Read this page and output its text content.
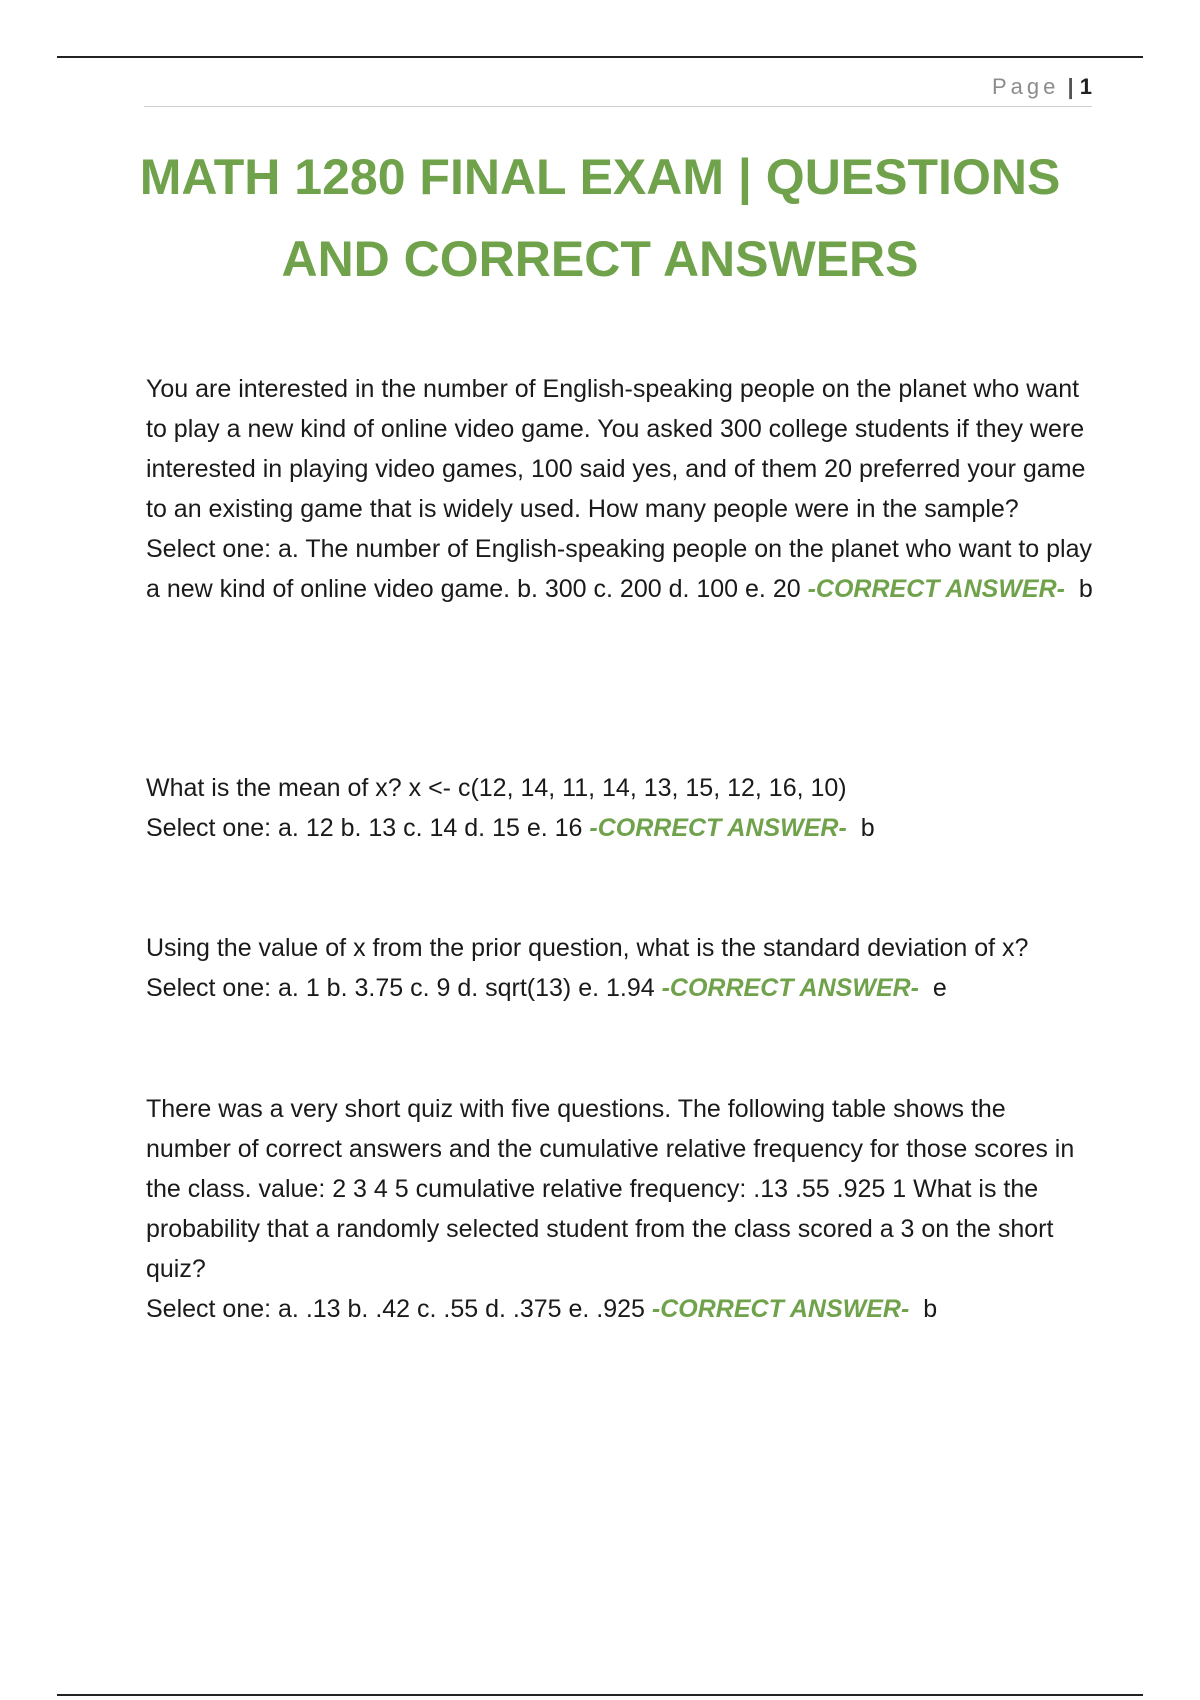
Page | 1
MATH 1280 FINAL EXAM | QUESTIONS
AND CORRECT ANSWERS

You are interested in the number of English-speaking people on the planet who want to play a new kind of online video game. You asked 300 college students if they were interested in playing video games, 100 said yes, and of them 20 preferred your game to an existing game that is widely used. How many people were in the sample?

Select one: a. The number of English-speaking people on the planet who want to play a new kind of online video game. b. 300 c. 200 d. 100 e. 20 -CORRECT ANSWER- b

What is the mean of x? x <- c(12, 14, 11, 14, 13, 15, 12, 16, 10)

Select one: a. 12 b. 13 c. 14 d. 15 e. 16 -CORRECT ANSWER- b

Using the value of x from the prior question, what is the standard deviation of x?

Select one: a. 1 b. 3.75 c. 9 d. sqrt(13) e. 1.94 -CORRECT ANSWER- e

There was a very short quiz with five questions. The following table shows the number of correct answers and the cumulative relative frequency for those scores in the class. value: 2 3 4 5 cumulative relative frequency: .13 .55 .925 1 What is the probability that a randomly selected student from the class scored a 3 on the short quiz?

Select one: a. .13 b. .42 c. .55 d. .375 e. .925 -CORRECT ANSWER- b
